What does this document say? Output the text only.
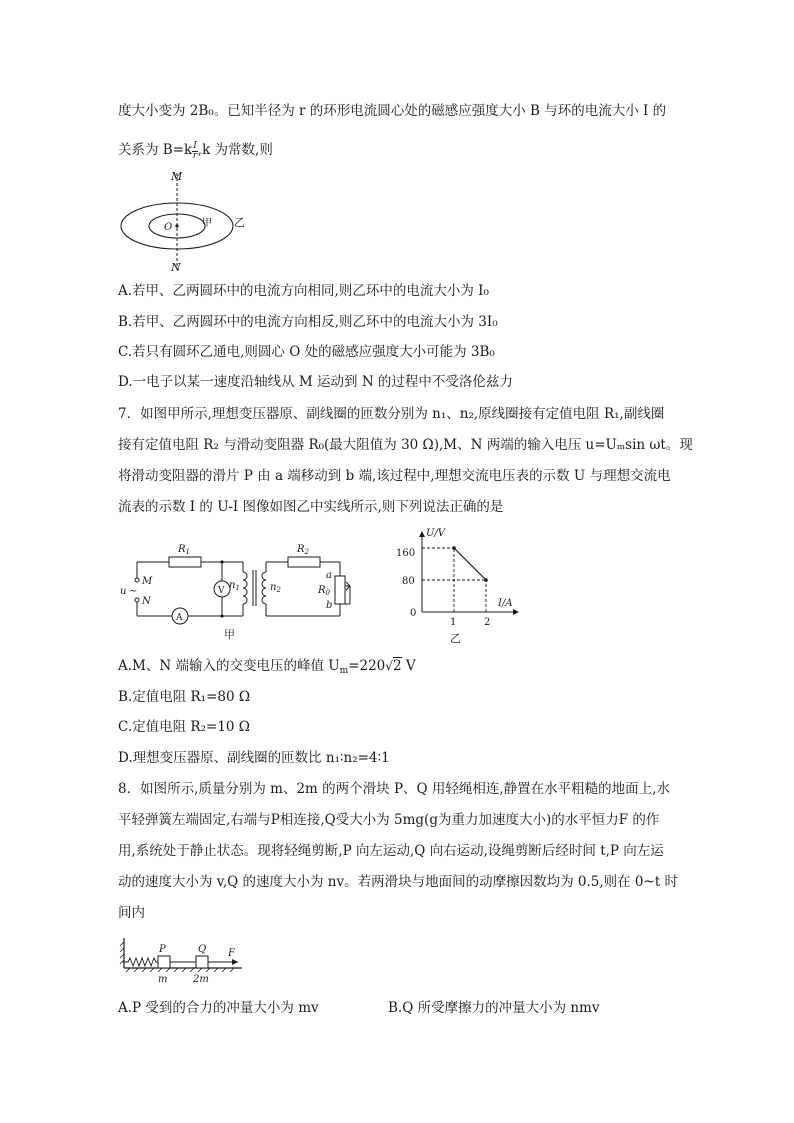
度大小变为 2B₀。已知半径为 r 的环形电流圆心处的磁感应强度大小 B 与环的电流大小 I 的
关系为 $B=k \frac{I}{r} ,k$ 为常数,则
M
N
O	甲 乙
A.若甲、乙两圆环中的电流方向相同,则乙环中的电流大小为 I₀
B.若甲、乙两圆环中的电流方向相反,则乙环中的电流大小为 3I₀
C.若只有圆环乙通电,则圆心 O 处的磁感应强度大小可能为 3B₀
D.一电子以某一速度沿轴线从 M 运动到 N 的过程中不受洛伦兹力
7．如图甲所示,理想变压器原、副线圈的匝数分别为 n₁、n₂,原线圈接有定值电阻 R₁,副线圈
接有定值电阻 R₂ 与滑动变阻器 R₀(最大阻值为 30 Ω),M、N 两端的输入电压 u=Uₘsin ωt。现
将滑动变阻器的滑片 P 由 a 端移动到 b 端,该过程中,理想交流电压表的示数 U 与理想交流电
流表的示数 I 的 U-I 图像如图乙中实线所示,则下列说法正确的是
$R_1$	$R_2$
$R_0$
$n_1$	$n_2$
a
b
M
N
u ~	V
A
甲
U/V
I/A
160
80
0
1	2
乙
A.M、N 端输入的交变电压的峰值 $U_m=220√2$ V
B.定值电阻 R₁=80 Ω
C.定值电阻 R₂=10 Ω
D.理想变压器原、副线圈的匝数比 n₁∶n₂=4∶1
8．如图所示,质量分别为 m、2m 的两个滑块 P、Q 用轻绳相连,静置在水平粗糙的地面上,水
平轻弹簧左端固定,右端与P相连接,Q受大小为 5mg(g为重力加速度大小)的水平恒力F 的作
用,系统处于静止状态。现将轻绳剪断,P 向左运动,Q 向右运动,设绳剪断后经时间 t,P 向左运
动的速度大小为 v,Q 的速度大小为 nv。若两滑块与地面间的动摩擦因数均为 0.5,则在 0~t 时
间内
P	Q F
m	2m
A.P 受到的合力的冲量大小为 mv	B.Q 所受摩擦力的冲量大小为 nmv
